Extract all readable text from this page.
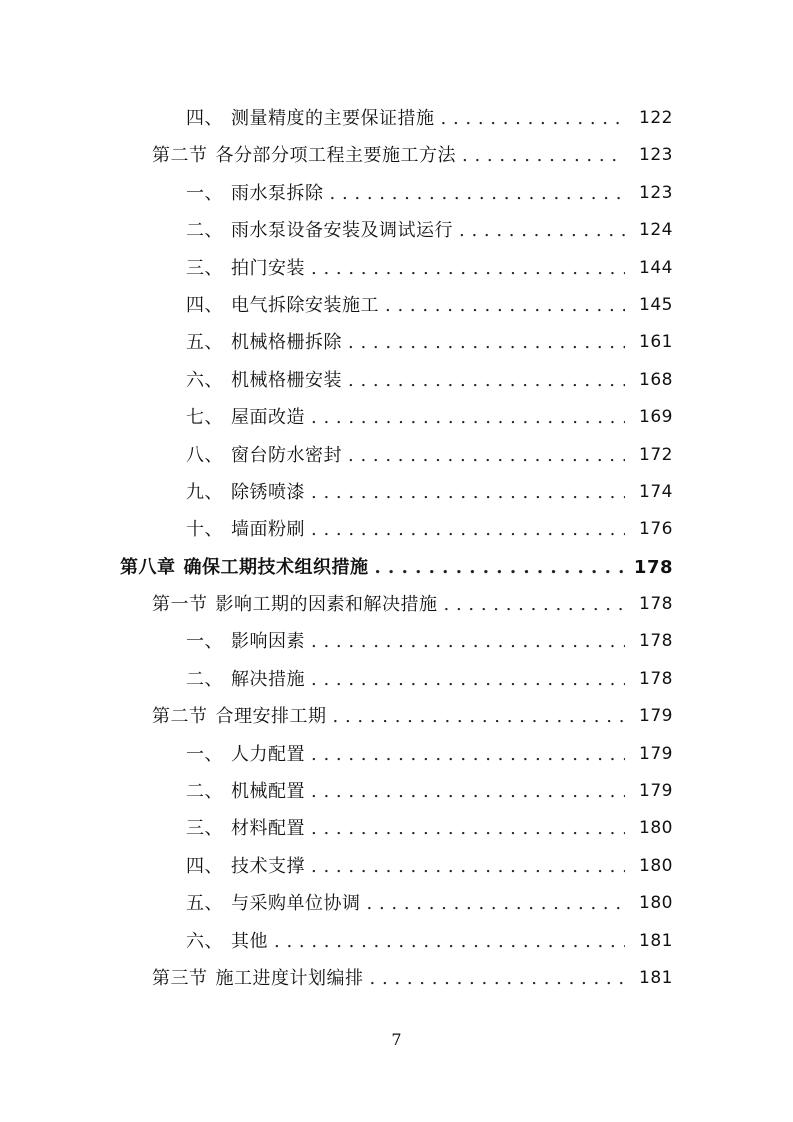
四、 测量精度的主要保证措施 . . .	122
第二节 各分部分项工程主要施工方法 . . .	123
一、 雨水泵拆除 . . .	123
二、 雨水泵设备安装及调试运行 . . .	124
三、 拍门安装 . . .	144
四、 电气拆除安装施工 . . .	145
五、 机械格栅拆除 . . .	161
六、 机械格栅安装 . . .	168
七、 屋面改造 . . .	169
八、 窗台防水密封 . . .	172
九、 除锈喷漆 . . .	174
十、 墙面粉刷 . . .	176
第八章 确保工期技术组织措施 . . .	178
第一节 影响工期的因素和解决措施 . . .	178
一、 影响因素 . . .	178
二、 解决措施 . . .	178
第二节 合理安排工期 . . .	179
一、 人力配置 . . .	179
二、 机械配置 . . .	179
三、 材料配置 . . .	180
四、 技术支撑 . . .	180
五、 与采购单位协调 . . .	180
六、 其他 . . .	181
第三节 施工进度计划编排 . . .	181
7
